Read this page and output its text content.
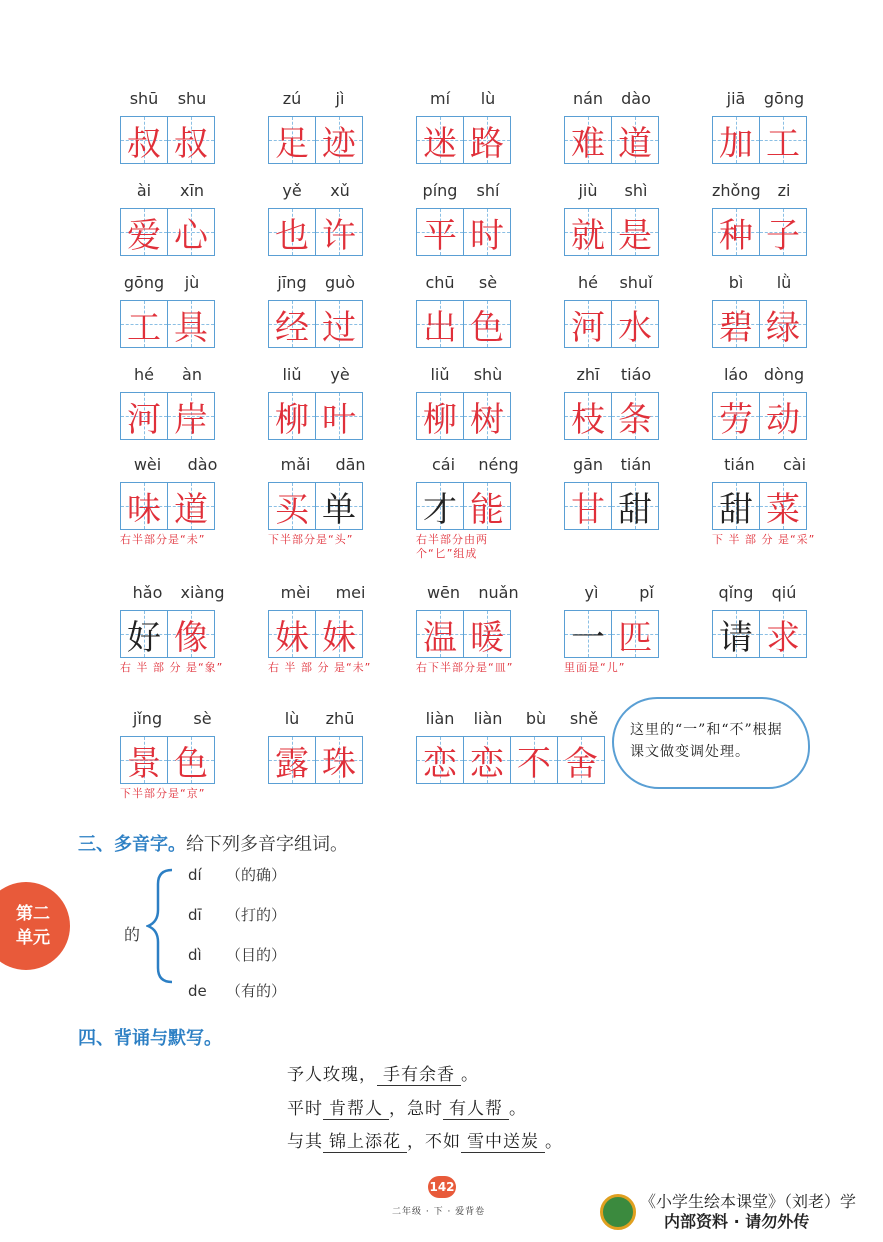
shū	shu
叔 叔
zú	jì
足 迹
mí	lù
迷 路
nán	dào
难 道
jiā	gōng
加 工
ài	xīn
爱 心
yě	xǔ
也 许
píng	shí
平 时
jiù	shì
就 是
zhǒng	zi
种 子
gōng	jù
工 具
jīng	guò
经 过
chū	sè
出 色
hé	shuǐ
河 水
bì	lǜ
碧 绿
hé	àn
河 岸
liǔ	yè
柳 叶
liǔ	shù
柳 树
zhī	tiáo
枝 条
láo dòng
劳 动
wèi	dào
味 道
右半部分是“未”
mǎi	dān
买 单
下半部分是“头”
cái	néng
才 能
右半部分由两个“匕”组成
gān	tián
甘 甜
tián	cài
甜 菜
下 半 部 分 是“采”
hǎo	xiàng
好 像
右 半 部 分 是“象”
mèi	mei
妹 妹
右 半 部 分 是“未”
wēn	nuǎn
温 暖
右下半部分是“皿”
yì	pǐ
一 匹
里面是“儿”
qǐng	qiú
请 求
jǐng	sè
景 色
下半部分是“京”
lù	zhū
露 珠
liàn	liàn	bù	shě
恋 恋 不 舍
这里的“一”和“不”根据课文做变调处理。
三、多音字。给下列多音字组词。
第二单元	的
dí （的确）
dī （打的）
dì （目的）
de （有的）
四、背诵与默写。
予人玫瑰， 手有余香 。
平时 肯帮人 ，急时 有人帮 。
与其 锦上添花 ，不如 雪中送炭 。
142
二年级 · 下 · 爱背卷
《小学生绘本课堂》（刘老）学
内部资料 · 请勿外传
